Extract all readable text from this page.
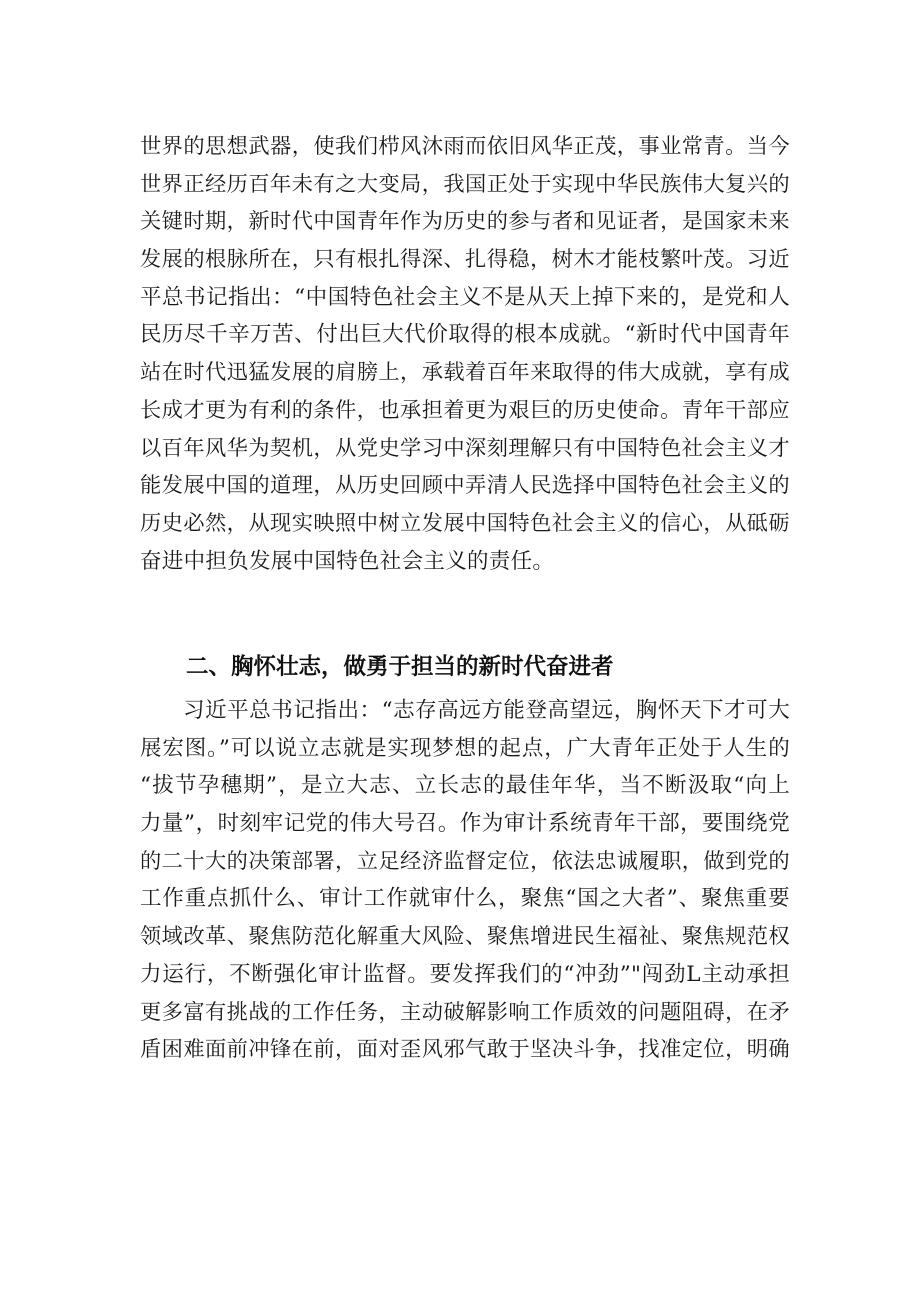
世界的思想武器，使我们栉风沐雨而依旧风华正茂，事业常青。当今
世界正经历百年未有之大变局，我国正处于实现中华民族伟大复兴的
关键时期，新时代中国青年作为历史的参与者和见证者，是国家未来
发展的根脉所在，只有根扎得深、扎得稳，树木才能枝繁叶茂。习近
平总书记指出：“中国特色社会主义不是从天上掉下来的，是党和人
民历尽千辛万苦、付出巨大代价取得的根本成就。“新时代中国青年
站在时代迅猛发展的肩膀上，承载着百年来取得的伟大成就，享有成
长成才更为有利的条件，也承担着更为艰巨的历史使命。青年干部应
以百年风华为契机，从党史学习中深刻理解只有中国特色社会主义才
能发展中国的道理，从历史回顾中弄清人民选择中国特色社会主义的
历史必然，从现实映照中树立发展中国特色社会主义的信心，从砥砺
奋进中担负发展中国特色社会主义的责任。
二、胸怀壮志，做勇于担当的新时代奋进者
习近平总书记指出：“志存高远方能登高望远，胸怀天下才可大
展宏图。”可以说立志就是实现梦想的起点，广大青年正处于人生的
“拔节孕穗期”，是立大志、立长志的最佳年华，当不断汲取“向上
力量”，时刻牢记党的伟大号召。作为审计系统青年干部，要围绕党
的二十大的决策部署，立足经济监督定位，依法忠诚履职，做到党的
工作重点抓什么、审计工作就审什么，聚焦“国之大者”、聚焦重要
领域改革、聚焦防范化解重大风险、聚焦增进民生福祉、聚焦规范权
力运行，不断强化审计监督。要发挥我们的“冲劲”"闯劲L主动承担
更多富有挑战的工作任务，主动破解影响工作质效的问题阻碍，在矛
盾困难面前冲锋在前，面对歪风邪气敢于坚决斗争，找准定位，明确
